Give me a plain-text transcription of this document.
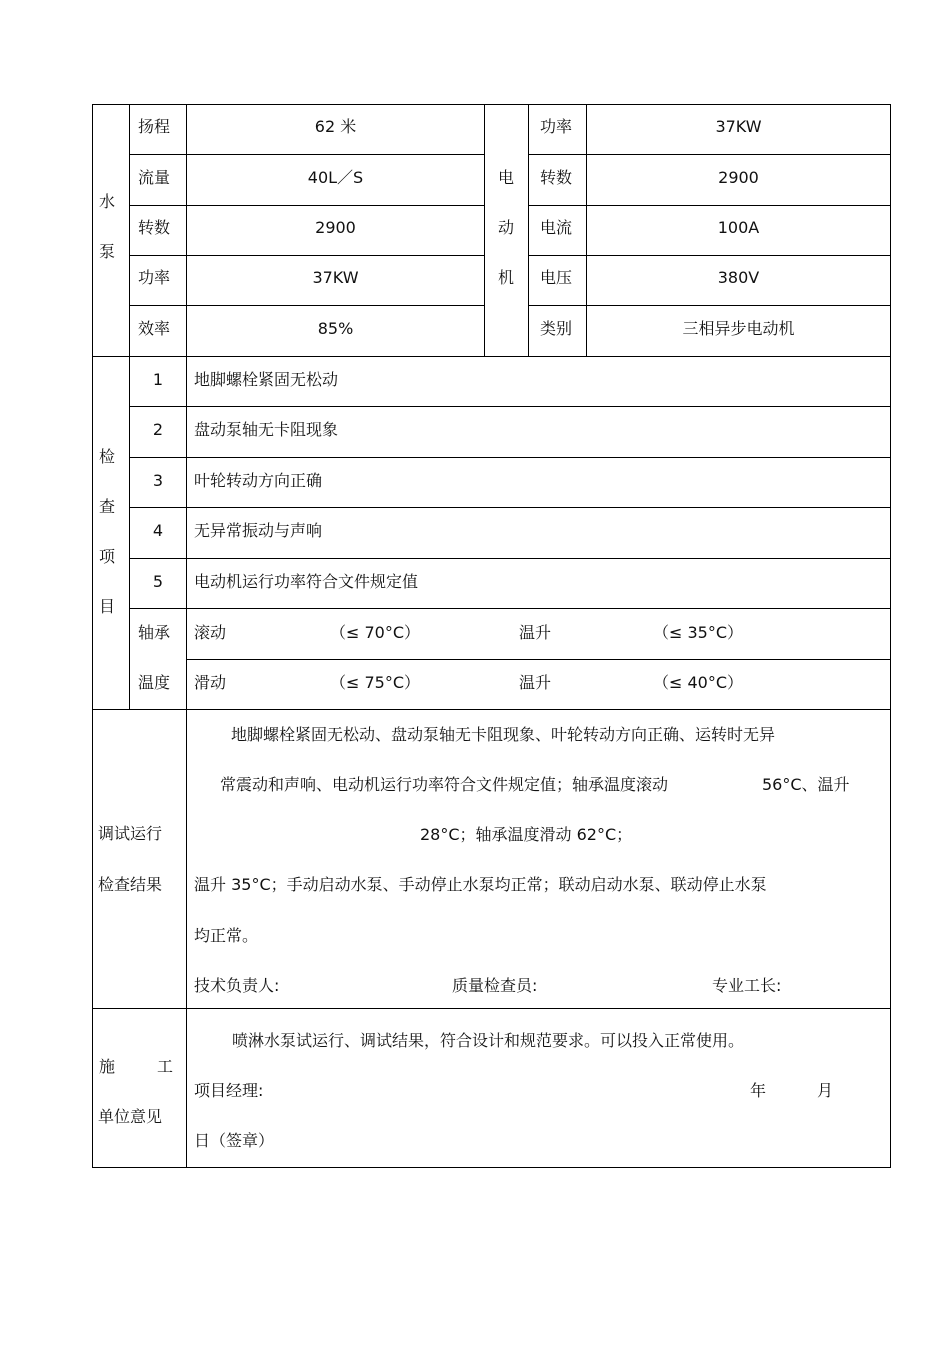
水
泵
扬程	62 米
流量	40L／S
转数	2900
功率	37KW
效率	85%
电
动
机
功率	37KW
转数	2900
电流	100A
电压	380V
类别	三相异步电动机
检
查
项
目
1	地脚螺栓紧固无松动
2	盘动泵轴无卡阻现象
3	叶轮转动方向正确
4	无异常振动与声响
5	电动机运行功率符合文件规定值
轴承
温度
滚动	（≤ 70°C）	温升	（≤ 35°C）
滑动	（≤ 75°C）	温升	（≤ 40°C）
调试运行
检查结果
地脚螺栓紧固无松动、盘动泵轴无卡阻现象、叶轮转动方向正确、运转时无异
常震动和声响、电动机运行功率符合文件规定值；轴承温度滚动	56°C、温升
28°C；轴承温度滑动 62°C；
温升 35°C；手动启动水泵、手动停止水泵均正常；联动启动水泵、联动停止水泵
均正常。
技术负责人:	质量检查员:	专业工长:
施	工
单位意见
喷淋水泵试运行、调试结果，符合设计和规范要求。可以投入正常使用。
项目经理:	年	月
日（签章）
